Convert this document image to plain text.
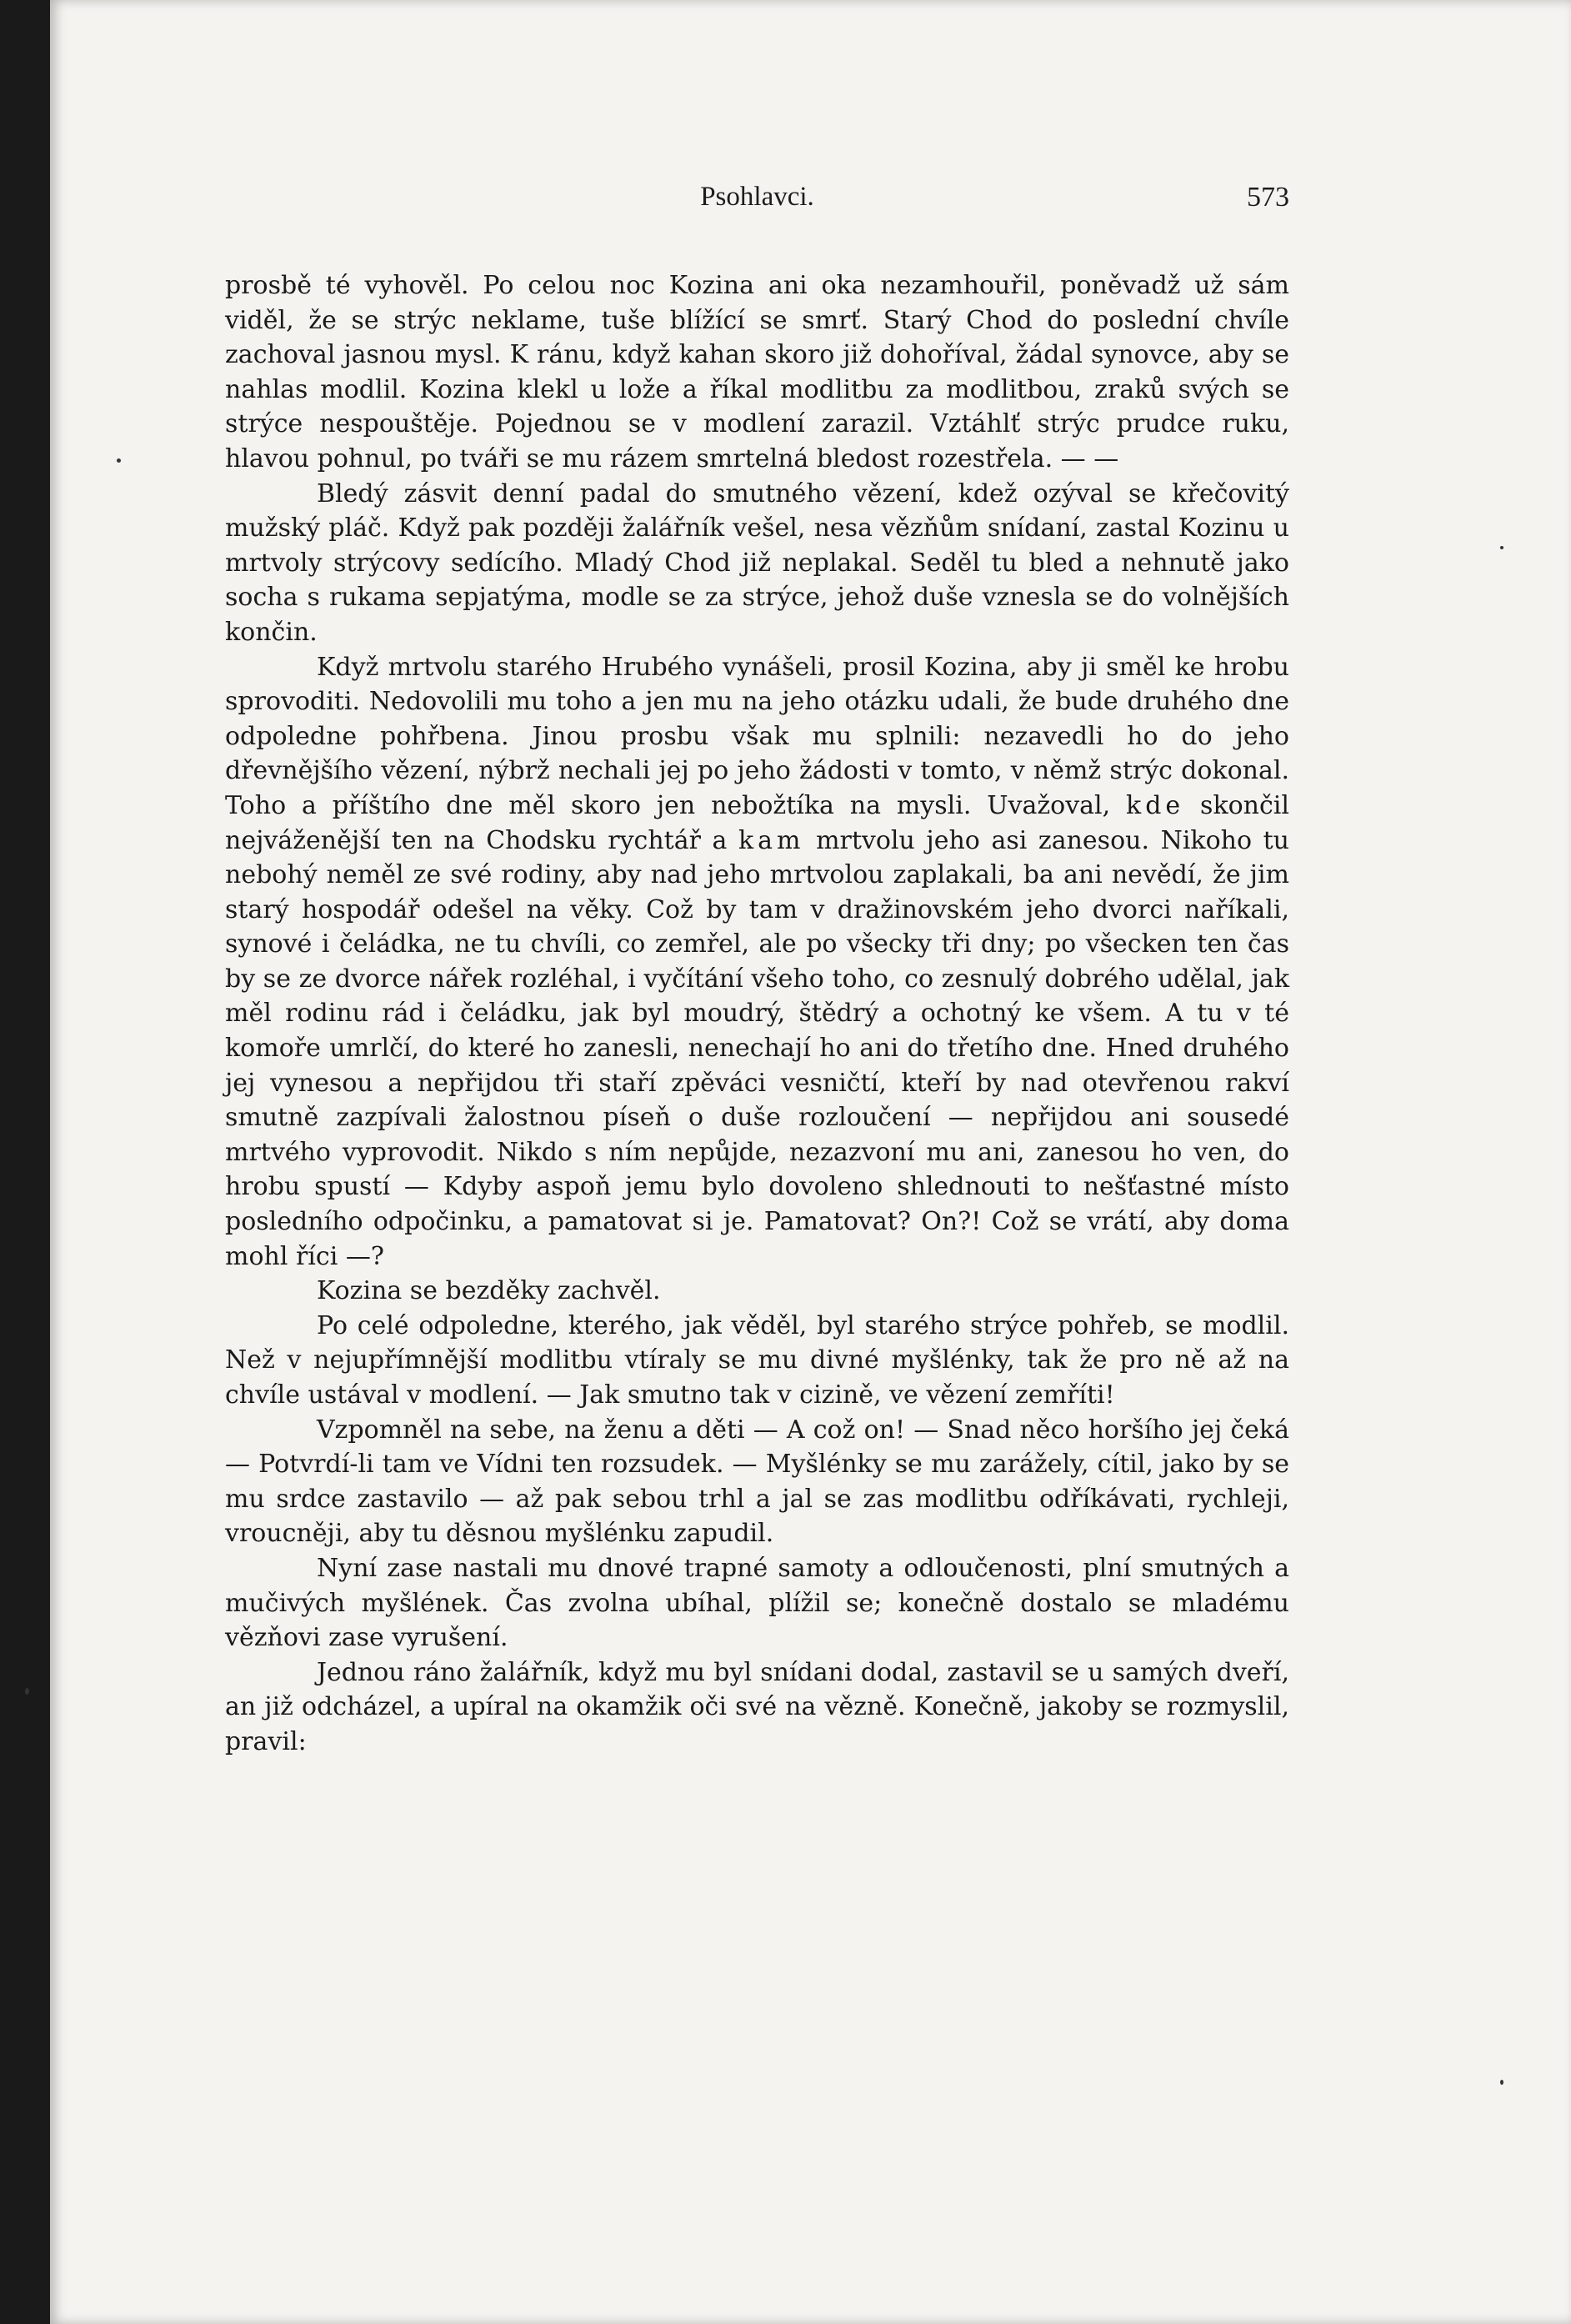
Psohlavci.	573

prosbě té vyhověl. Po celou noc Kozina ani oka nezamhouřil, poněvadž už sám viděl, že se strýc neklame, tuše blížící se smrť. Starý Chod do poslední chvíle zachoval jasnou mysl. K ránu, když kahan skoro již dohoříval, žádal synovce, aby se nahlas modlil. Kozina klekl u lože a říkal modlitbu za modlitbou, zraků svých se strýce nespouštěje. Pojednou se v modlení zarazil. Vztáhlť strýc prudce ruku, hlavou pohnul, po tváři se mu rázem smrtelná bledost rozestřela. — —

Bledý zásvit denní padal do smutného vězení, kdež ozýval se křečovitý mužský pláč. Když pak později žalářník vešel, nesa vězňům snídaní, zastal Kozinu u mrtvoly strýcovy sedícího. Mladý Chod již neplakal. Seděl tu bled a nehnutě jako socha s rukama sepjatýma, modle se za strýce, jehož duše vznesla se do volnějších končin.

Když mrtvolu starého Hrubého vynášeli, prosil Kozina, aby ji směl ke hrobu sprovoditi. Nedovolili mu toho a jen mu na jeho otázku udali, že bude druhého dne odpoledne pohřbena. Jinou prosbu však mu splnili: nezavedli ho do jeho dřevnějšího vězení, nýbrž nechali jej po jeho žádosti v tomto, v němž strýc dokonal. Toho a příštího dne měl skoro jen nebožtíka na mysli. Uvažoval, kde skončil nejváženější ten na Chodsku rychtář a kam mrtvolu jeho asi zanesou. Nikoho tu nebohý neměl ze své rodiny, aby nad jeho mrtvolou zaplakali, ba ani nevědí, že jim starý hospodář odešel na věky. Což by tam v dražinovském jeho dvorci naříkali, synové i čeládka, ne tu chvíli, co zemřel, ale po všecky tři dny; po všecken ten čas by se ze dvorce nářek rozléhal, i vyčítání všeho toho, co zesnulý dobrého udělal, jak měl rodinu rád i čeládku, jak byl moudrý, štědrý a ochotný ke všem. A tu v té komoře umrlčí, do které ho zanesli, nenechají ho ani do třetího dne. Hned druhého jej vynesou a nepřijdou tři staří zpěváci vesničtí, kteří by nad otevřenou rakví smutně zazpívali žalostnou píseň o duše rozloučení — nepřijdou ani sousedé mrtvého vyprovodit. Nikdo s ním nepůjde, nezazvoní mu ani, zanesou ho ven, do hrobu spustí — Kdyby aspoň jemu bylo dovoleno shlednouti to nešťastné místo posledního odpočinku, a pamatovat si je. Pamatovat? On?! Což se vrátí, aby doma mohl říci —?

Kozina se bezděky zachvěl.

Po celé odpoledne, kterého, jak věděl, byl starého strýce pohřeb, se modlil. Než v nejupřímnější modlitbu vtíraly se mu divné myšlénky, tak že pro ně až na chvíle ustával v modlení. — Jak smutno tak v cizině, ve vězení zemříti!

Vzpomněl na sebe, na ženu a děti — A což on! — Snad něco horšího jej čeká — Potvrdí-li tam ve Vídni ten rozsudek. — Myšlénky se mu zarážely, cítil, jako by se mu srdce zastavilo — až pak sebou trhl a jal se zas modlitbu odříkávati, rychleji, vroucněji, aby tu děsnou myšlénku zapudil.

Nyní zase nastali mu dnové trapné samoty a odloučenosti, plní smutných a mučivých myšlének. Čas zvolna ubíhal, plížil se; konečně dostalo se mladému vězňovi zase vyrušení.

Jednou ráno žalářník, když mu byl snídani dodal, zastavil se u samých dveří, an již odcházel, a upíral na okamžik oči své na vězně. Konečně, jakoby se rozmyslil, pravil:
